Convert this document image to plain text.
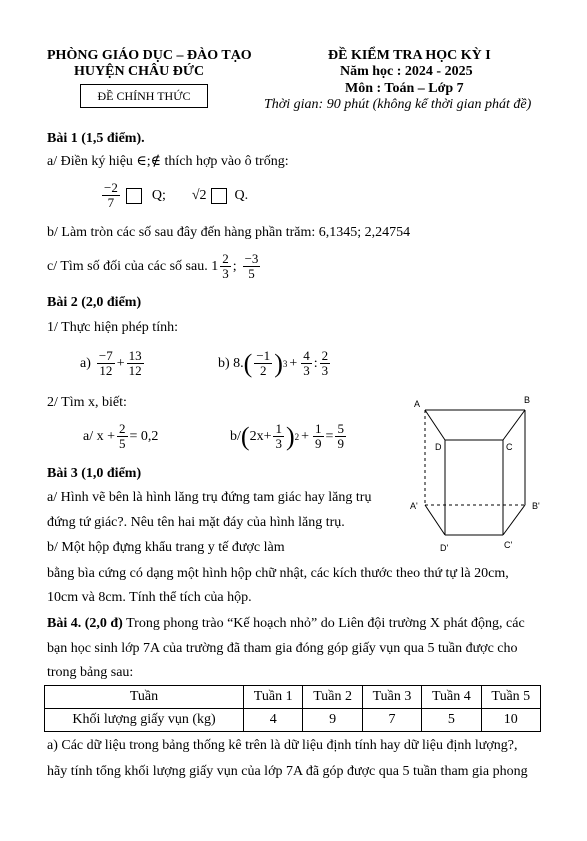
PHÒNG GIÁO DỤC – ĐÀO TẠO
HUYỆN CHÂU ĐỨC
ĐỀ CHÍNH THỨC
ĐỀ KIỂM TRA HỌC KỲ I
Năm học : 2024 - 2025
Môn : Toán – Lớp 7
Thời gian: 90 phút (không kể thời gian phát đề)
Bài 1 (1,5 điểm).
a/ Điền ký hiệu ∈;∉ thích hợp vào ô trống:
$\frac{-2}{7} Q$; √2 Q.
b/ Làm tròn các số sau đây đến hàng phần trăm: 6,1345; 2,24754
c/ Tìm số đối của các số sau. $1 \frac{2}{3}$ ; $\frac{-3}{5}$
Bài 2 (2,0 điểm)
1/ Thực hiện phép tính:
$a) \frac{-7}{12} + \frac{13}{12}$	b) 8. ( $\frac{-1}{2}$ ) $3 + \frac{4}{3}$ : $\frac{2}{3}$
2/ Tìm x, biết:
a/ $x + \frac{2}{5} = 0,2$	b/ ( $2x+ \frac{1}{3}$ ) $2 + \frac{1}{9} = \frac{5}{9}$
Bài 3 (1,0 điểm)
a/ Hình vẽ bên là hình lăng trụ đứng tam giác hay lăng trụ
đứng tứ giác?. Nêu tên hai mặt đáy của hình lăng trụ.
b/ Một hộp đựng khẩu trang y tế được làm
bằng bìa cứng có dạng một hình hộp chữ nhật, các kích thước theo thứ tự là 20cm,
10cm và 8cm. Tính thể tích của hộp.
A	B
D	C
A'	B'
D'	C'
Bài 4. (2,0 đ) Trong phong trào “Kế hoạch nhỏ” do Liên đội trường X phát động, các
bạn học sinh lớp 7A của trường đã tham gia đóng góp giấy vụn qua 5 tuần được cho
trong bảng sau:
Tuần	Tuần 1	Tuần 2	Tuần 3	Tuần 4	Tuần 5
Khối lượng giấy vụn (kg)	4	9	7	5	10
a) Các dữ liệu trong bảng thống kê trên là dữ liệu định tính hay dữ liệu định lượng?,
hãy tính tổng khối lượng giấy vụn của lớp 7A đã góp được qua 5 tuần tham gia phong
